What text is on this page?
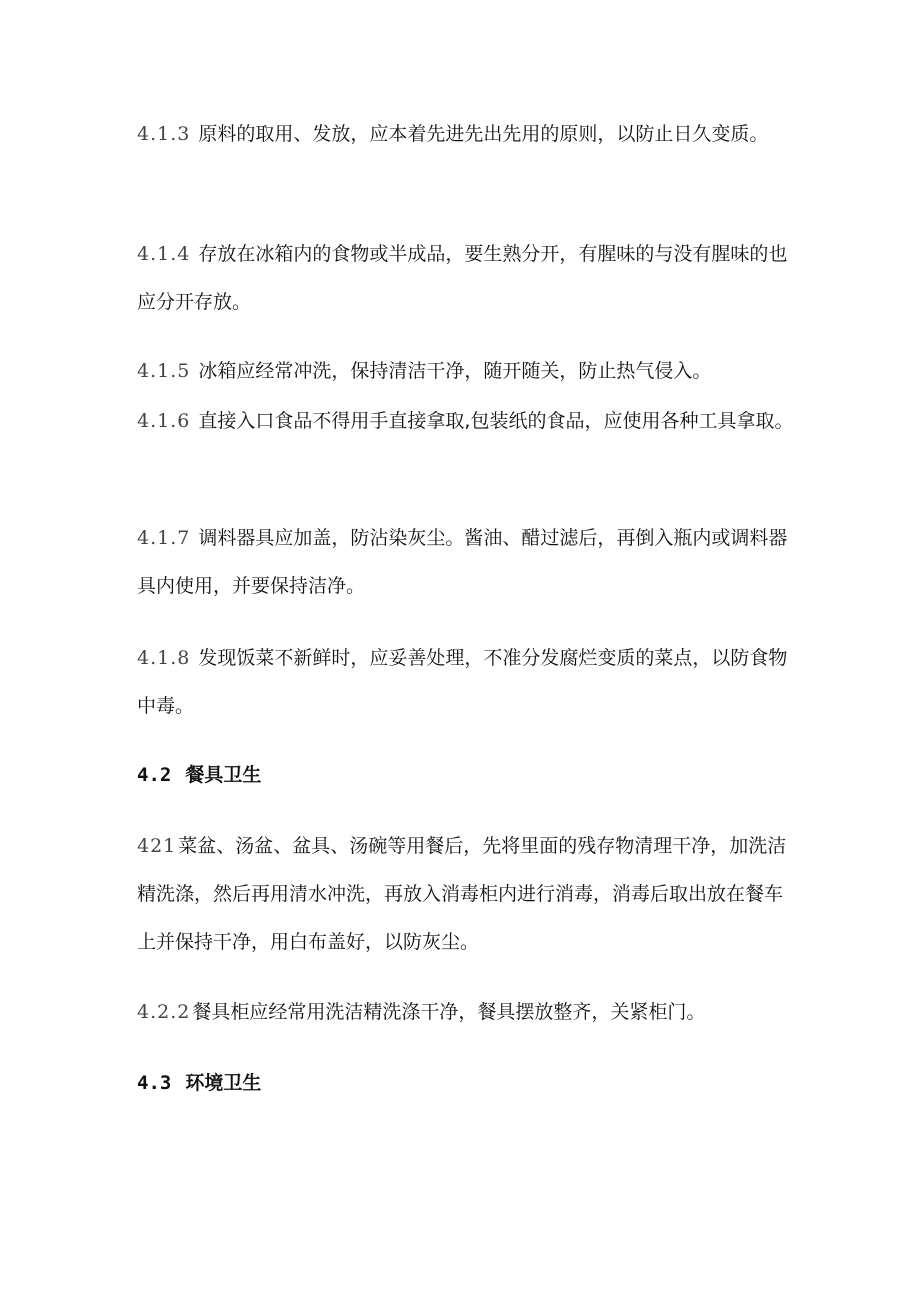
4.1.3 原料的取用、发放，应本着先进先出先用的原则，以防止日久变质。

4.1.4 存放在冰箱内的食物或半成品，要生熟分开，有腥味的与没有腥味的也应分开存放。

4.1.5 冰箱应经常冲洗，保持清洁干净，随开随关，防止热气侵入。

4.1.6 直接入口食品不得用手直接拿取,包装纸的食品，应使用各种工具拿取。

4.1.7 调料器具应加盖，防沾染灰尘。酱油、醋过滤后，再倒入瓶内或调料器具内使用，并要保持洁净。

4.1.8 发现饭菜不新鲜时，应妥善处理，不准分发腐烂变质的菜点，以防食物中毒。

4.2 餐具卫生

421 菜盆、汤盆、盆具、汤碗等用餐后，先将里面的残存物清理干净，加洗洁精洗涤，然后再用清水冲洗，再放入消毒柜内进行消毒，消毒后取出放在餐车上并保持干净，用白布盖好，以防灰尘。

4.2.2 餐具柜应经常用洗洁精洗涤干净，餐具摆放整齐，关紧柜门。

4.3 环境卫生
